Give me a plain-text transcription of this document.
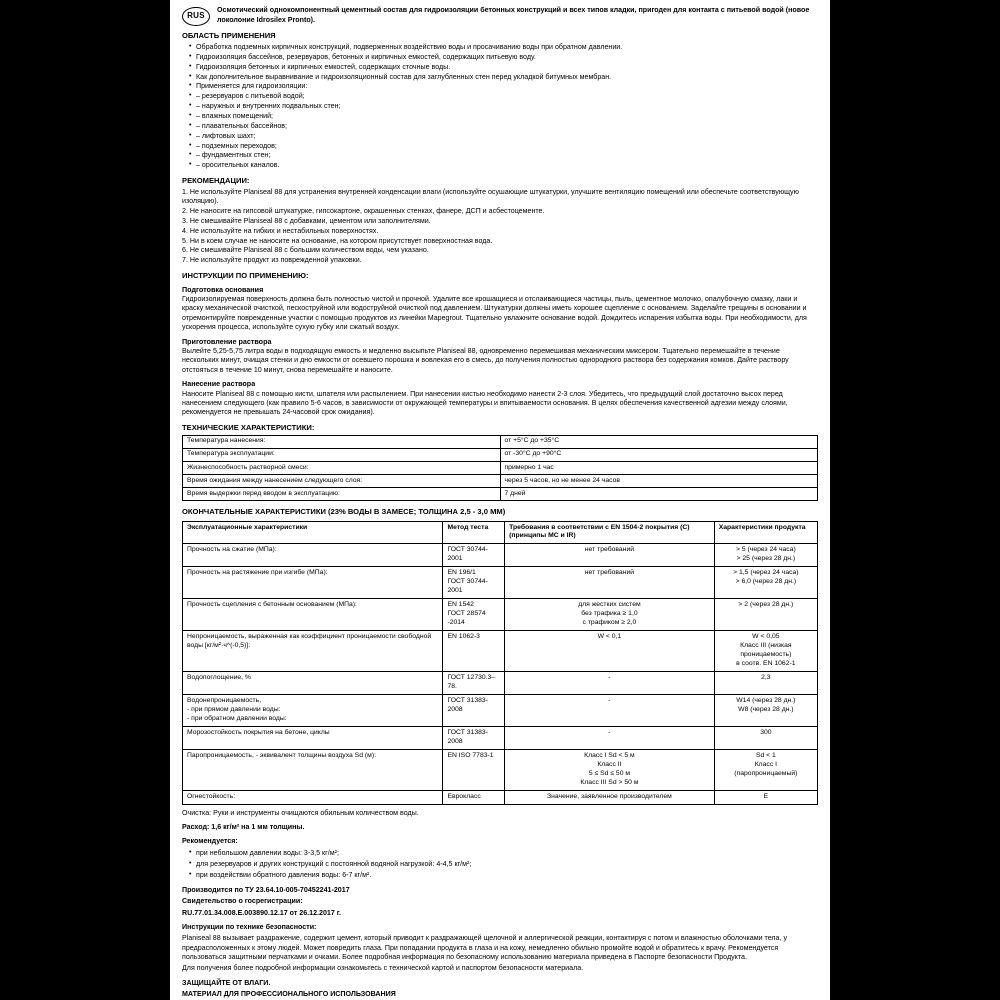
RUS
Осмотический однокомпонентный цементный состав для гидроизоляции бетонных конструкций и всех типов кладки, пригоден для контакта с питьевой водой (новое локолоние Idrosilex Pronto).
ОБЛАСТЬ ПРИМЕНЕНИЯ
• Обработка подземных кирпичных конструкций, подверженных воздействию воды и просачиванию воды при обратном давлении.
• Гидроизоляция бассейнов, резервуаров, бетонных и кирпичных емкостей, содержащих питьевую воду.
• Гидроизоляция бетонных и кирпичных емкостей, содержащих сточные воды.
• Как дополнительное выравнивание и гидроизоляционный состав для заглубленных стен перед укладкой битумных мембран.
• Применяется для гидроизоляции:
• – резервуаров с питьевой водой;
• – наружных и внутренних подвальных стен;
• – влажных помещений;
• – плавательных бассейнов;
• – лифтовых шахт;
• – подземных переходов;
• – фундаментных стен;
• – оросительных каналов.
РЕКОМЕНДАЦИИ:
1. Не используйте Planiseal 88 для устранения внутренней конденсации влаги (используйте осушающие штукатурки, улучшите вентиляцию помещений или обеспечьте соответствующую изоляцию).
2. Не наносите на гипсовой штукатурке, гипсокартоне, окрашенных стенках, фанере, ДСП и асбестоцементе.
3. Не смешивайте Planiseal 88 с добавками, цементом или заполнителями.
4. Не используйте на гибких и нестабильных поверхностях.
5. Ни в коем случае не наносите на основание, на котором присутствует поверхностная вода.
6. Не смешивайте Planiseal 88 с большим количеством воды, чем указано.
7. Не используйте продукт из поврежденной упаковки.
ИНСТРУКЦИИ ПО ПРИМЕНЕНИЮ:
Подготовка основания

Гидроизолируемая поверхность должна быть полностью чистой и прочной. Удалите все крошащиеся и отслаивающиеся частицы, пыль, цементное молочко, опалубочную смазку, лаки и краску механической очисткой, пескоструйной или водоструйной очисткой под давлением. Штукатурки должны иметь хорошее сцепление с основанием. Заделайте трещины в основании и отремонтируйте поврежденные участки с помощью продуктов из линейки Mapegrout. Тщательно увлажните основание водой. Дождитесь испарения избытка воды. При необходимости, для ускорения процесса, используйте сухую губку или сжатый воздух.

Приготовление раствора

Вылейте 5,25-5,75 литра воды в подходящую емкость и медленно высыпьте Planiseal 88, одновременно перемешивая механическим миксером. Тщательно перемешайте в течение нескольких минут, очищая стенки и дно емкости от осевшего порошка и вовлекая его в смесь, до получения полностью однородного раствора без содержания комков. Дайте раствору отстояться в течение 10 минут, снова перемешайте и наносите.

Нанесение раствора

Наносите Planiseal 88 с помощью кисти, шпателя или распылением. При нанесении кистью необходимо нанести 2-3 слоя. Убедитесь, что предыдущий слой достаточно высох перед нанесением следующего (как правило 5-6 часов, в зависимости от окружающей температуры и впитываемости основания. В целях обеспечения качественной адгезии между слоями, рекомендуется не превышать 24-часовой срок ожидания).

ТЕХНИЧЕСКИЕ ХАРАКТЕРИСТИКИ:
Температура нанесения:	от +5°C до +35°C
Температура эксплуатации:	от -30°C до +90°C
Жизнеспособность растворной смеси:	примерно 1 час
Время ожидания между нанесением следующего слоя:	через 5 часов, но не менее 24 часов
Время выдержки перед вводом в эксплуатацию:	7 дней
ОКОНЧАТЕЛЬНЫЕ ХАРАКТЕРИСТИКИ (23% ВОДЫ В ЗАМЕСЕ; ТОЛЩИНА 2,5 - 3,0 ММ)
Эксплуатационные характеристики	Метод теста	Требования в соответствии с EN 1504-2 покрытия (C) (принципы MC и IR)	Характеристики продукта
Прочность на сжатие (МПа):	ГОСТ 30744-2001	нет требований	> 5 (через 24 часа)
> 25 (через 28 дн.)
Прочность на растяжение при изгибе (МПа):	EN 196/1
ГОСТ 30744-2001	нет требований	> 1,5 (через 24 часа)
> 6,0 (через 28 дн.)
Прочность сцепления с бетонным основанием (МПа):	EN 1542
ГОСТ 28574 -2014	для жестких систем
без трафика ≥ 1,0
с трафиком ≥ 2,0	> 2 (через 28 дн.)
Непроницаемость, выраженная как коэффициент проницаемости свободной воды [кг/м²·ч^(-0,5)]:	EN 1062-3	W < 0,1	W < 0,05
Класс III (низкая проницаемость)
в соотв. EN 1062-1
Водопоглощение, %	ГОСТ 12730.3– 78.	-	2,3
Водонепроницаемость,
- при прямом давлении воды:
- при обратном давлении воды:	ГОСТ 31383-2008	-	W14 (через 28 дн.)
W8 (через 28 дн.)
Морозостойкость покрытия на бетоне, циклы	ГОСТ 31383-2008	-	300
Паропроницаемость, - эквивалент толщины воздуха Sd (м):	EN ISO 7783-1	Класс I Sd < 5 м
Класс II
5 ≤ Sd ≤ 50 м
Класс III Sd > 50 м	Sd < 1
Класс I
(паропроницаемый)
Огнестойкость:	Еврокласс	Значение, заявленное производителем	E

Очистка: Руки и инструменты очищаются обильным количеством воды.

Расход: 1,6 кг/м² на 1 мм толщины.

Рекомендуется:

• при небольшом давлении воды: 3-3,5 кг/м²;
• для резервуаров и других конструкций с постоянной водяной нагрузкой: 4-4,5 кг/м²;
• при воздействии обратного давления воды: 6-7 кг/м².

Производится по ТУ 23.64.10-005-70452241-2017

Свидетельство о госрегистрации:

RU.77.01.34.008.Е.003890.12.17 от 26.12.2017 г.

Инструкции по технике безопасности:

Planiseal 88 вызывает раздражение, содержит цемент, который приводит к раздражающей щелочной и аллергической реакции, контактируя с потом и влажностью оболочками тела, у предрасположенных к этому людей. Может повредить глаза. При попадании продукта в глаза и на кожу, немедленно обильно промойте водой и обратитесь к врачу. Рекомендуется пользоваться защитными перчатками и очками. Более подробная информация по безопасному использованию материала приведена в Паспорте безопасности Продукта.

Для получения более подробной информации ознакомьтесь с технической картой и паспортом безопасности материала.

ЗАЩИЩАЙТЕ ОТ ВЛАГИ.

МАТЕРИАЛ ДЛЯ ПРОФЕССИОНАЛЬНОГО ИСПОЛЬЗОВАНИЯ
